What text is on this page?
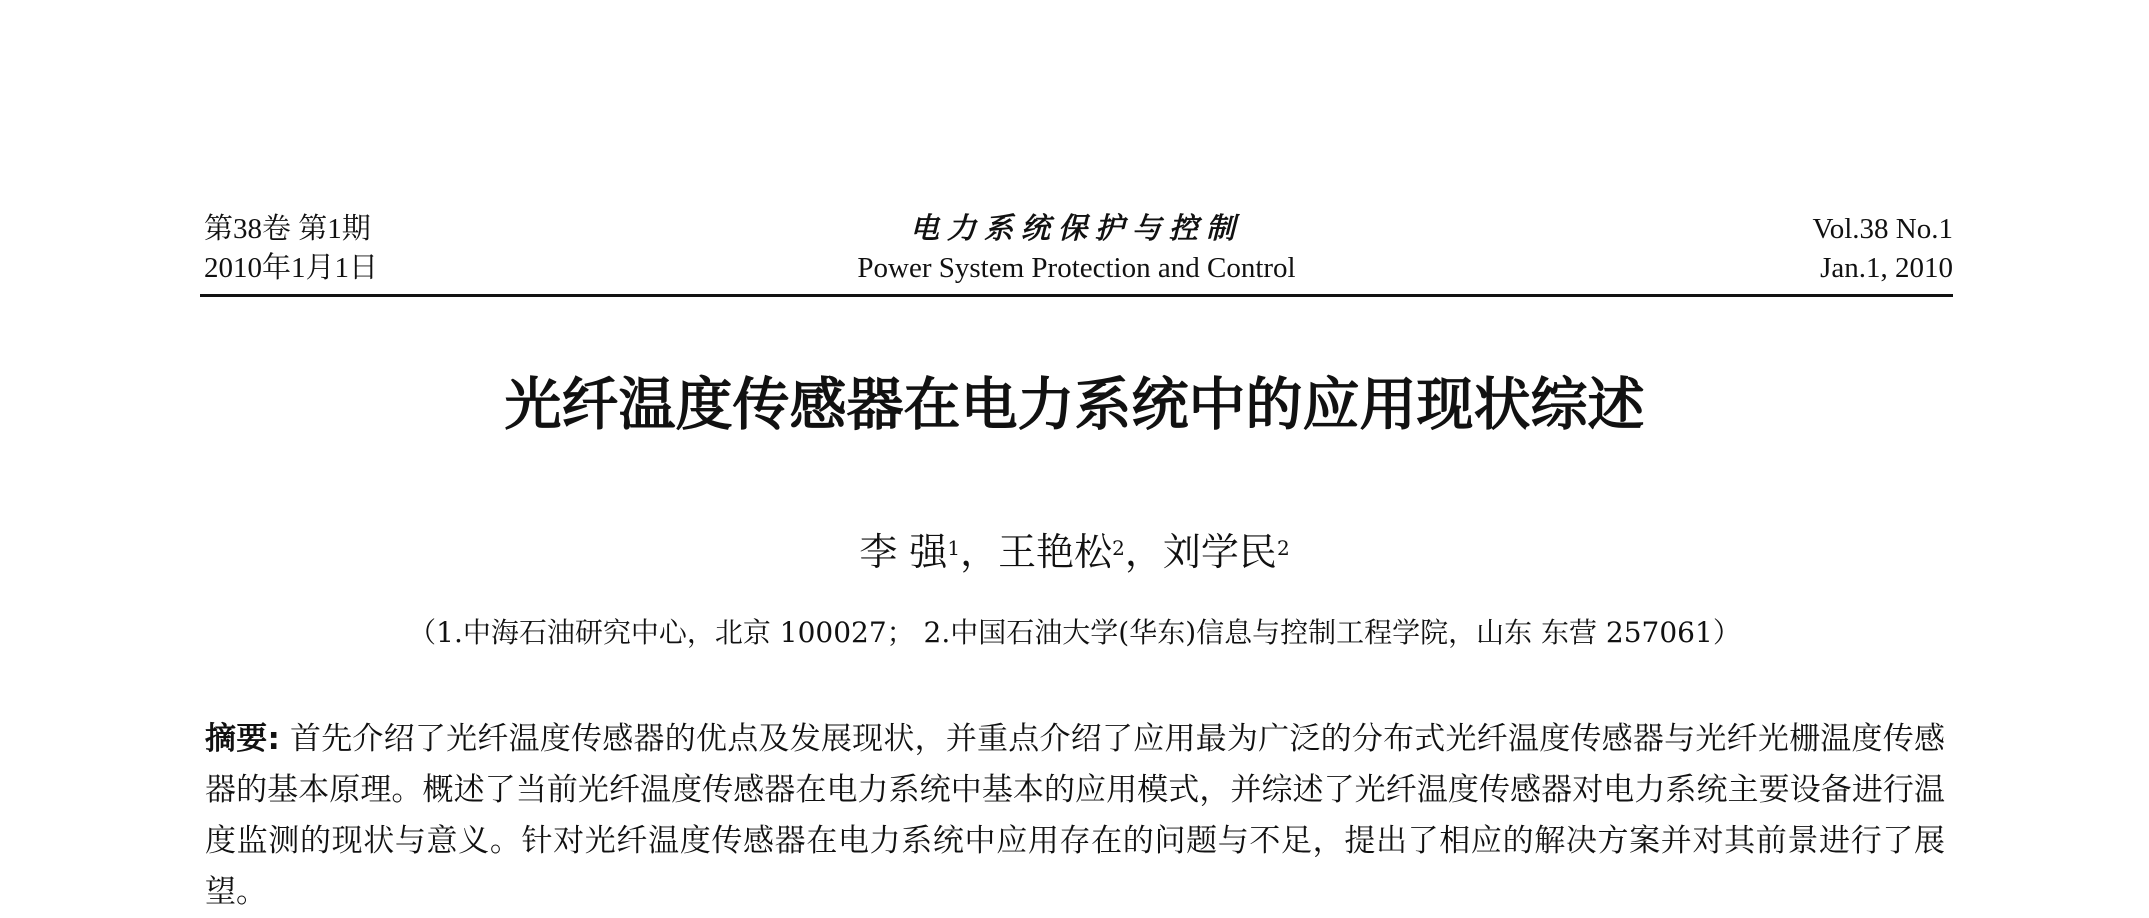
第38卷 第1期
2010年1月1日
电力系统保护与控制
Power System Protection and Control
Vol.38 No.1
Jan.1, 2010
光纤温度传感器在电力系统中的应用现状综述
李 强$^1$，王艳松$^2$，刘学民$^2$
（1.中海石油研究中心，北京 100027； 2.中国石油大学(华东)信息与控制工程学院，山东 东营 257061）
摘要: 首先介绍了光纤温度传感器的优点及发展现状，并重点介绍了应用最为广泛的分布式光纤温度传感器与光纤光栅温度传感器的基本原理。概述了当前光纤温度传感器在电力系统中基本的应用模式，并综述了光纤温度传感器对电力系统主要设备进行温度监测的现状与意义。针对光纤温度传感器在电力系统中应用存在的问题与不足，提出了相应的解决方案并对其前景进行了展望。
